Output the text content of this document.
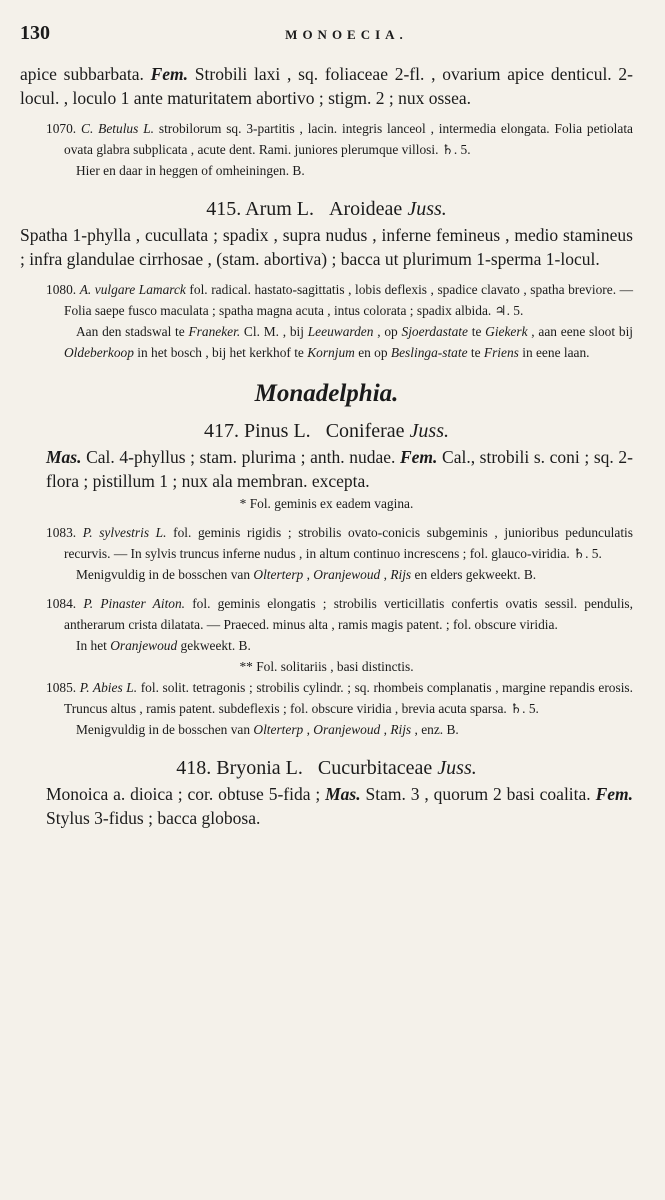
130	MONOECIA.

apice subbarbata. Fem. Strobili laxi , sq. foliaceae 2-fl. , ovarium apice denticul. 2-locul. , loculo 1 ante maturitatem abortivo ; stigm. 2 ; nux ossea.

1070. C. Betulus L. strobilorum sq. 3-partitis , lacin. integris lanceol , intermedia elongata. Folia petiolata ovata glabra subplicata , acute dent. Rami. juniores plerumque villosi. ♄. 5.

Hier en daar in heggen of omheiningen. B.

415. Arum L. Aroideae Juss.

Spatha 1-phylla , cucullata ; spadix , supra nudus , inferne femineus , medio stamineus ; infra glandulae cirrhosae , (stam. abortiva) ; bacca ut plurimum 1-sperma 1-locul.

1080. A. vulgare Lamarck fol. radical. hastato-sagittatis , lobis deflexis , spadice clavato , spatha breviore. — Folia saepe fusco maculata ; spatha magna acuta , intus colorata ; spadix albida. ♃. 5.

Aan den stadswal te Franeker. Cl. M. , bij Leeuwarden , op Sjoerdastate te Giekerk , aan eene sloot bij Oldeberkoop in het bosch , bij het kerkhof te Kornjum en op Beslinga-state te Friens in eene laan.

Monadelphia.

417. Pinus L. Coniferae Juss.

Mas. Cal. 4-phyllus ; stam. plurima ; anth. nudae. Fem. Cal., strobili s. coni ; sq. 2-flora ; pistillum 1 ; nux ala membran. excepta.

* Fol. geminis ex eadem vagina.

1083. P. sylvestris L. fol. geminis rigidis ; strobilis ovato-conicis subgeminis , junioribus pedunculatis recurvis. — In sylvis truncus inferne nudus , in altum continuo increscens ; fol. glauco-viridia. ♄. 5.

Menigvuldig in de bosschen van Olterterp , Oranjewoud , Rijs en elders gekweekt. B.

1084. P. Pinaster Aiton. fol. geminis elongatis ; strobilis verticillatis confertis ovatis sessil. pendulis, antherarum crista dilatata. — Praeced. minus alta , ramis magis patent. ; fol. obscure viridia.

In het Oranjewoud gekweekt. B.

** Fol. solitariis , basi distinctis.

1085. P. Abies L. fol. solit. tetragonis ; strobilis cylindr. ; sq. rhombeis complanatis , margine repandis erosis. Truncus altus , ramis patent. subdeflexis ; fol. obscure viridia , brevia acuta sparsa. ♄. 5.

Menigvuldig in de bosschen van Olterterp , Oranjewoud , Rijs , enz. B.

418. Bryonia L. Cucurbitaceae Juss.

Monoica a. dioica ; cor. obtuse 5-fida ; Mas. Stam. 3 , quorum 2 basi coalita. Fem. Stylus 3-fidus ; bacca globosa.
